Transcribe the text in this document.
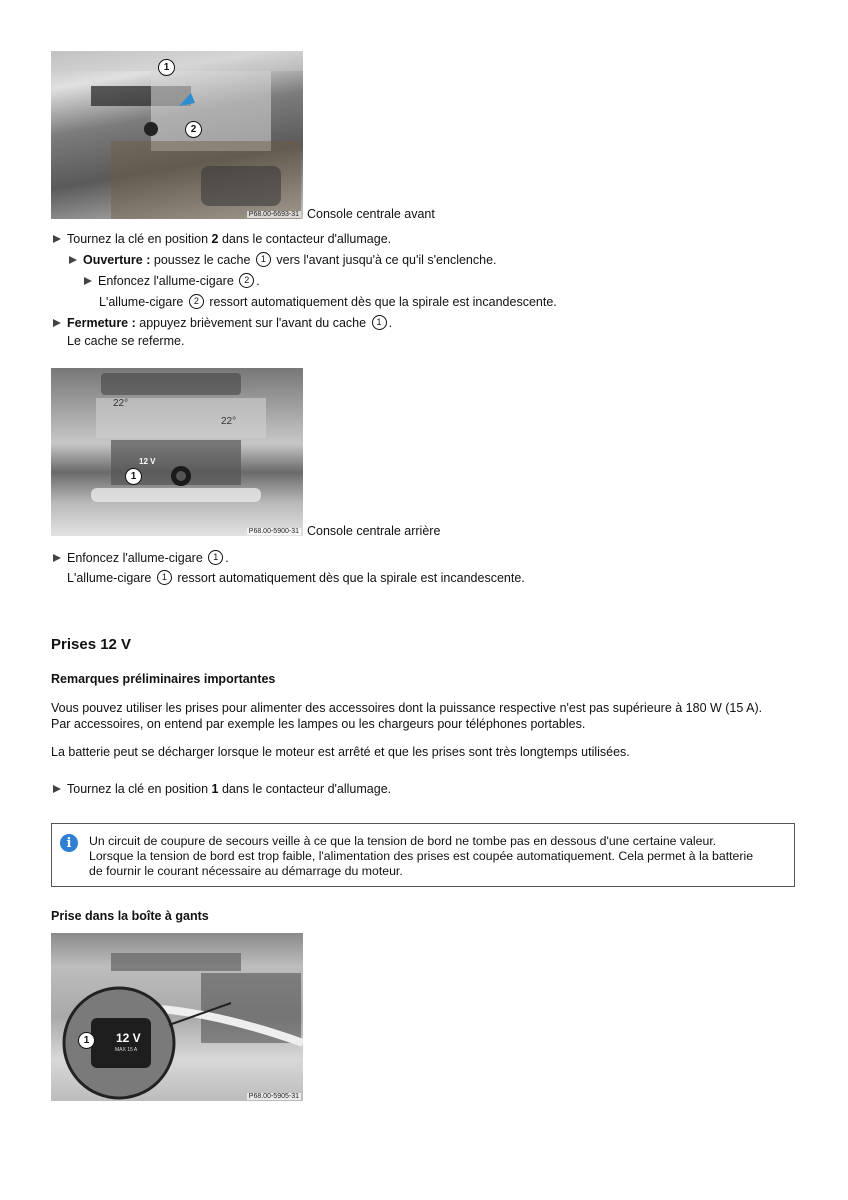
1
2
P68.00-6693-31 Console centrale avant
Tournez la clé en position 2 dans le contacteur d'allumage.
Ouverture : poussez le cache 1 vers l'avant jusqu'à ce qu'il s'enclenche.
Enfoncez l'allume-cigare 2 .
L'allume-cigare 2 ressort automatiquement dès que la spirale est incandescente.
Fermeture : appuyez brièvement sur l'avant du cache 1 .
Le cache se referme.
22°
22°
12 V
1
P68.00-5900-31 Console centrale arrière
Enfoncez l'allume-cigare 1 .
L'allume-cigare 1 ressort automatiquement dès que la spirale est incandescente.
Prises 12 V
Remarques préliminaires importantes
Vous pouvez utiliser les prises pour alimenter des accessoires dont la puissance respective n'est pas supérieure à 180 W (15 A).
Par accessoires, on entend par exemple les lampes ou les chargeurs pour téléphones portables.
La batterie peut se décharger lorsque le moteur est arrêté et que les prises sont très longtemps utilisées.
Tournez la clé en position 1 dans le contacteur d'allumage.
i	Un circuit de coupure de secours veille à ce que la tension de bord ne tombe pas en dessous d'une certaine valeur.
Lorsque la tension de bord est trop faible, l'alimentation des prises est coupée automatiquement. Cela permet à la batterie
de fournir le courant nécessaire au démarrage du moteur.
Prise dans la boîte à gants
12 V
MAX 15 A
1
P68.00-5905-31
